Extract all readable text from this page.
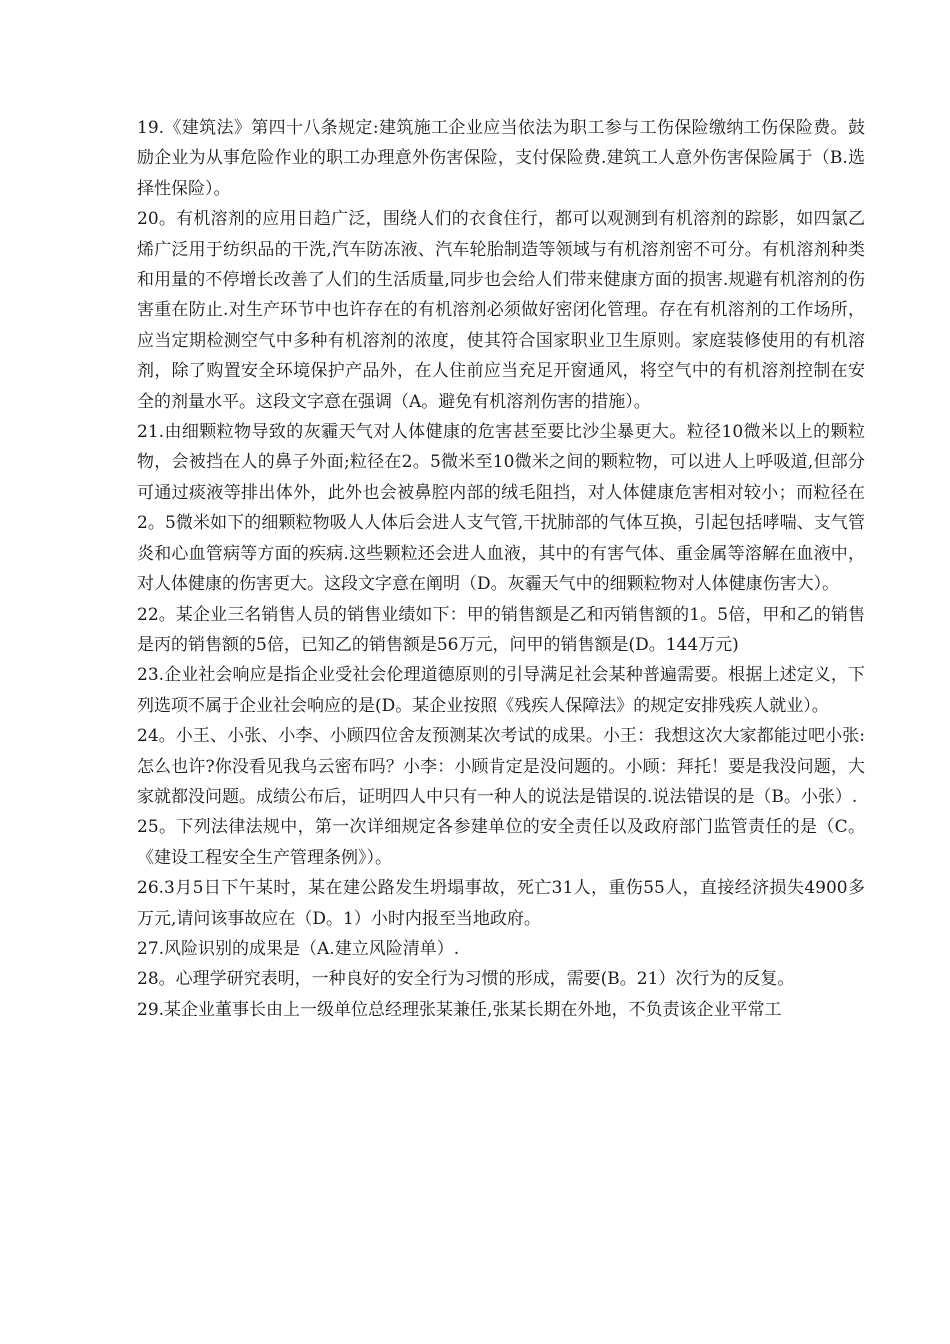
19.《建筑法》第四十八条规定:建筑施工企业应当依法为职工参与工伤保险缴纳工伤保险费。鼓励企业为从事危险作业的职工办理意外伤害保险，支付保险费.建筑工人意外伤害保险属于（B.选择性保险）。

20。有机溶剂的应用日趋广泛，围绕人们的衣食住行，都可以观测到有机溶剂的踪影，如四氯乙烯广泛用于纺织品的干洗,汽车防冻液、汽车轮胎制造等领域与有机溶剂密不可分。有机溶剂种类和用量的不停增长改善了人们的生活质量,同步也会给人们带来健康方面的损害.规避有机溶剂的伤害重在防止.对生产环节中也许存在的有机溶剂必须做好密闭化管理。存在有机溶剂的工作场所，应当定期检测空气中多种有机溶剂的浓度，使其符合国家职业卫生原则。家庭装修使用的有机溶剂，除了购置安全环境保护产品外，在人住前应当充足开窗通风，将空气中的有机溶剂控制在安全的剂量水平。这段文字意在强调（A。避免有机溶剂伤害的措施）。

21.由细颗粒物导致的灰霾天气对人体健康的危害甚至要比沙尘暴更大。粒径10微米以上的颗粒物，会被挡在人的鼻子外面;粒径在2。5微米至10微米之间的颗粒物，可以进人上呼吸道,但部分可通过痰液等排出体外，此外也会被鼻腔内部的绒毛阻挡，对人体健康危害相对较小；而粒径在2。5微米如下的细颗粒物吸人人体后会进人支气管,干扰肺部的气体互换，引起包括哮喘、支气管炎和心血管病等方面的疾病.这些颗粒还会进人血液，其中的有害气体、重金属等溶解在血液中，对人体健康的伤害更大。这段文字意在阐明（D。灰霾天气中的细颗粒物对人体健康伤害大）。

22。某企业三名销售人员的销售业绩如下：甲的销售额是乙和丙销售额的1。5倍，甲和乙的销售是丙的销售额的5倍，已知乙的销售额是56万元，问甲的销售额是(D。144万元)

23.企业社会响应是指企业受社会伦理道德原则的引导满足社会某种普遍需要。根据上述定义，下列选项不属于企业社会响应的是(D。某企业按照《残疾人保障法》的规定安排残疾人就业）。

24。小王、小张、小李、小顾四位舍友预测某次考试的成果。小王：我想这次大家都能过吧小张:怎么也许?你没看见我乌云密布吗？小李：小顾肯定是没问题的。小顾：拜托！要是我没问题，大家就都没问题。成绩公布后，证明四人中只有一种人的说法是错误的.说法错误的是（B。小张）.

25。下列法律法规中，第一次详细规定各参建单位的安全责任以及政府部门监管责任的是（C。《建设工程安全生产管理条例》）。

26.3月5日下午某时，某在建公路发生坍塌事故，死亡31人，重伤55人，直接经济损失4900多万元,请问该事故应在（D。1）小时内报至当地政府。

27.风险识别的成果是（A.建立风险清单）.

28。心理学研究表明，一种良好的安全行为习惯的形成，需要(B。21）次行为的反复。

29.某企业董事长由上一级单位总经理张某兼任,张某长期在外地，不负责该企业平常工
